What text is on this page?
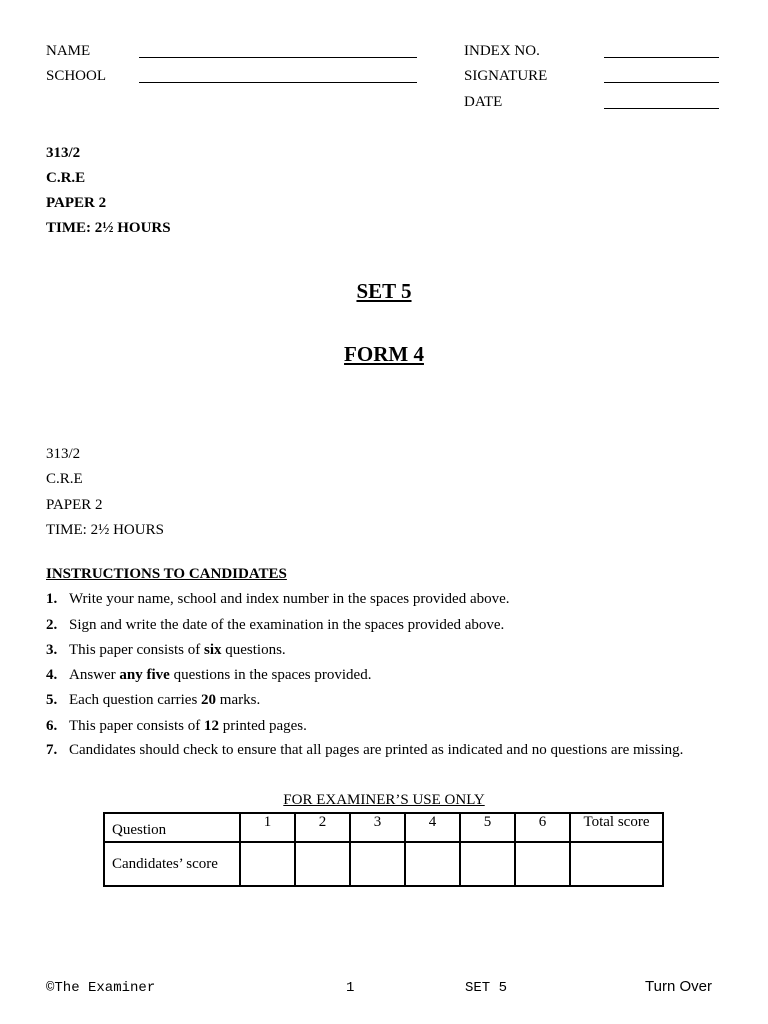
NAME
SCHOOL
INDEX NO.
SIGNATURE
DATE
313/2
C.R.E
PAPER 2
TIME: 2½ HOURS
SET 5
FORM 4
313/2
C.R.E
PAPER 2
TIME: 2½ HOURS
INSTRUCTIONS TO CANDIDATES
1. Write your name, school and index number in the spaces provided above.
2. Sign and write the date of the examination in the spaces provided above.
3. This paper consists of six questions.
4. Answer any five questions in the spaces provided.
5. Each question carries 20 marks.
6. This paper consists of 12 printed pages.
7. Candidates should check to ensure that all pages are printed as indicated and no questions are missing.
FOR EXAMINER’S USE ONLY
Question	1	2	3	4	5	6	Total score
Candidates’ score							
©The Examiner	1	SET 5	Turn Over
